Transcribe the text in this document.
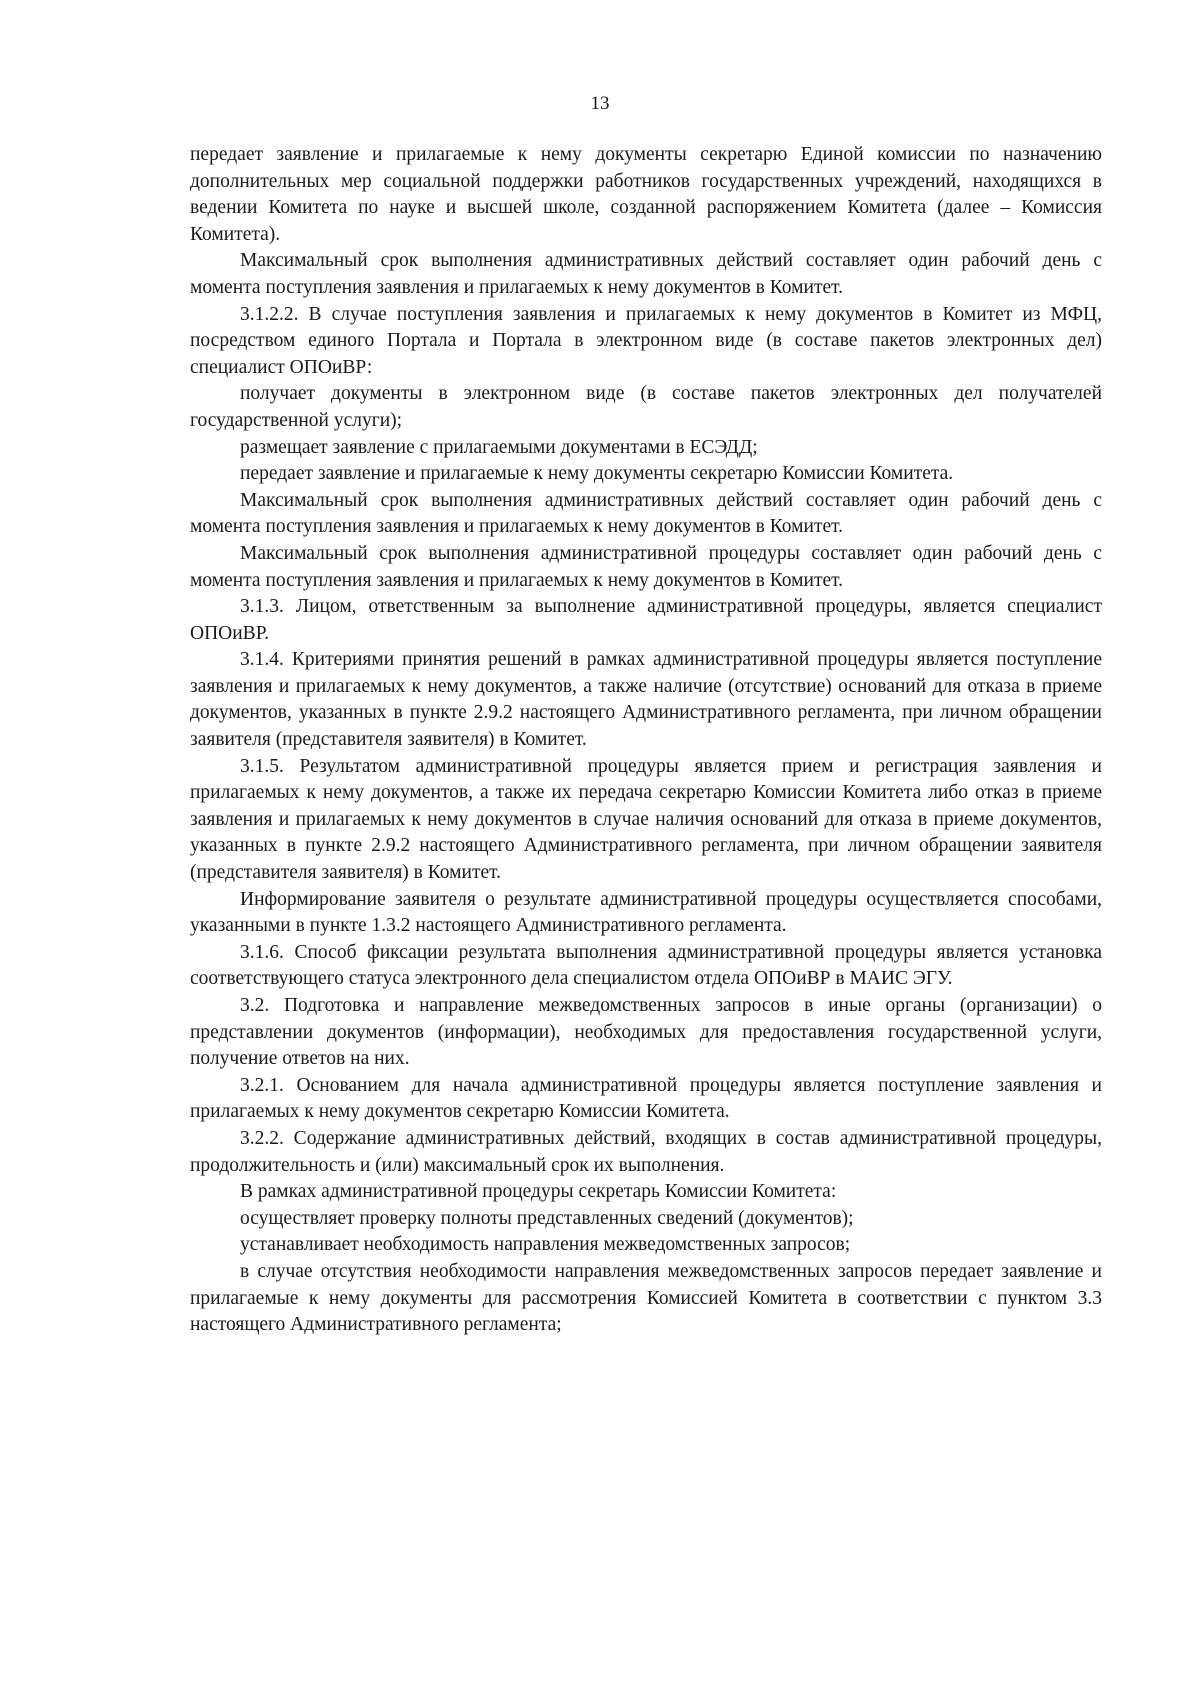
13

передает заявление и прилагаемые к нему документы секретарю Единой комиссии по назначению дополнительных мер социальной поддержки работников государственных учреждений, находящихся в ведении Комитета по науке и высшей школе, созданной распоряжением Комитета (далее – Комиссия Комитета).

Максимальный срок выполнения административных действий составляет один рабочий день с момента поступления заявления и прилагаемых к нему документов в Комитет.

3.1.2.2. В случае поступления заявления и прилагаемых к нему документов в Комитет из МФЦ, посредством единого Портала и Портала в электронном виде (в составе пакетов электронных дел) специалист ОПОиВР:

получает документы в электронном виде (в составе пакетов электронных дел получателей государственной услуги);

размещает заявление с прилагаемыми документами в ЕСЭДД;

передает заявление и прилагаемые к нему документы секретарю Комиссии Комитета.

Максимальный срок выполнения административных действий составляет один рабочий день с момента поступления заявления и прилагаемых к нему документов в Комитет.

Максимальный срок выполнения административной процедуры составляет один рабочий день с момента поступления заявления и прилагаемых к нему документов в Комитет.

3.1.3. Лицом, ответственным за выполнение административной процедуры, является специалист ОПОиВР.

3.1.4. Критериями принятия решений в рамках административной процедуры является поступление заявления и прилагаемых к нему документов, а также наличие (отсутствие) оснований для отказа в приеме документов, указанных в пункте 2.9.2 настоящего Административного регламента, при личном обращении заявителя (представителя заявителя) в Комитет.

3.1.5. Результатом административной процедуры является прием и регистрация заявления и прилагаемых к нему документов, а также их передача секретарю Комиссии Комитета либо отказ в приеме заявления и прилагаемых к нему документов в случае наличия оснований для отказа в приеме документов, указанных в пункте 2.9.2 настоящего Административного регламента, при личном обращении заявителя (представителя заявителя) в Комитет.

Информирование заявителя о результате административной процедуры осуществляется способами, указанными в пункте 1.3.2 настоящего Административного регламента.

3.1.6. Способ фиксации результата выполнения административной процедуры является установка соответствующего статуса электронного дела специалистом отдела ОПОиВР в МАИС ЭГУ.

3.2. Подготовка и направление межведомственных запросов в иные органы (организации) о представлении документов (информации), необходимых для предоставления государственной услуги, получение ответов на них.

3.2.1. Основанием для начала административной процедуры является поступление заявления и прилагаемых к нему документов секретарю Комиссии Комитета.

3.2.2. Содержание административных действий, входящих в состав административной процедуры, продолжительность и (или) максимальный срок их выполнения.

В рамках административной процедуры секретарь Комиссии Комитета:

осуществляет проверку полноты представленных сведений (документов);

устанавливает необходимость направления межведомственных запросов;

в случае отсутствия необходимости направления межведомственных запросов передает заявление и прилагаемые к нему документы для рассмотрения Комиссией Комитета в соответствии с пунктом 3.3 настоящего Административного регламента;
